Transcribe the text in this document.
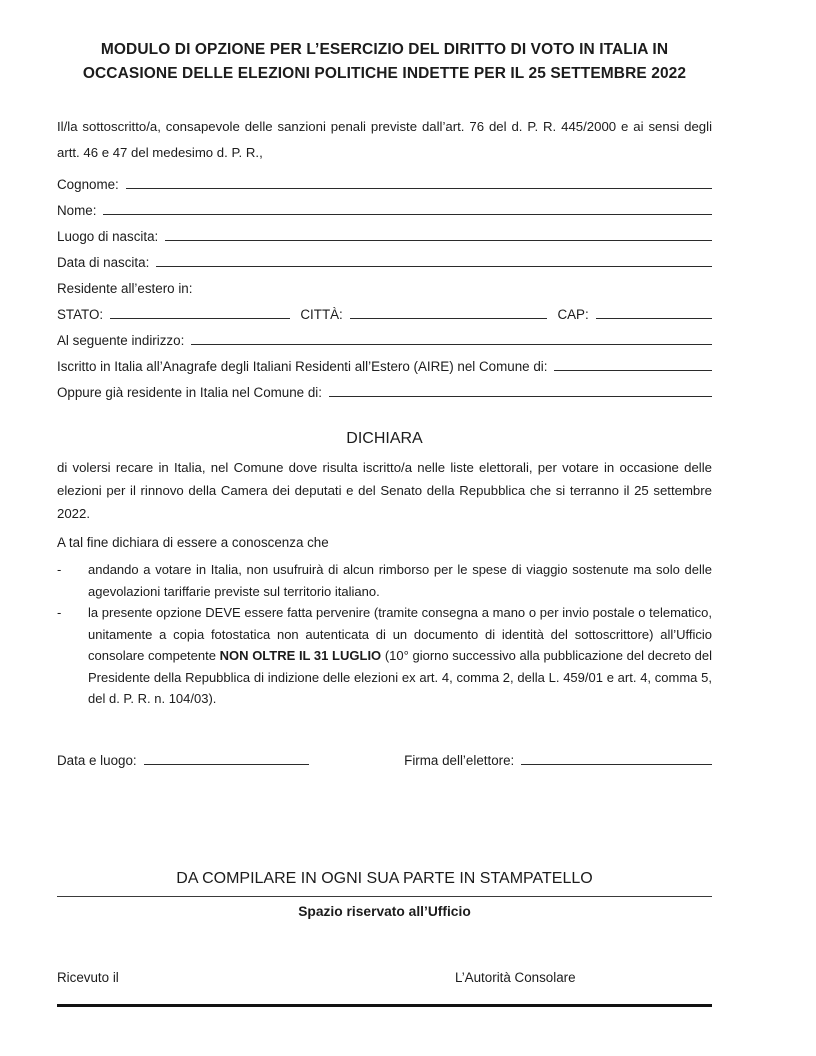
MODULO DI OPZIONE PER L’ESERCIZIO DEL DIRITTO DI VOTO IN ITALIA IN
OCCASIONE DELLE ELEZIONI POLITICHE INDETTE PER IL 25 SETTEMBRE 2022

Il/la sottoscritto/a, consapevole delle sanzioni penali previste dall’art. 76 del d. P. R. 445/2000 e ai sensi degli artt. 46 e 47 del medesimo d. P. R.,

Cognome:
Nome:
Luogo di nascita:
Data di nascita:
Residente all’estero in:
STATO:	CITTÀ:	CAP:
Al seguente indirizzo:
Iscritto in Italia all’Anagrafe degli Italiani Residenti all’Estero (AIRE) nel Comune di:
Oppure già residente in Italia nel Comune di:
DICHIARA

di volersi recare in Italia, nel Comune dove risulta iscritto/a nelle liste elettorali, per votare in occasione delle elezioni per il rinnovo della Camera dei deputati e del Senato della Repubblica che si terranno il 25 settembre 2022.

A tal fine dichiara di essere a conoscenza che

-	andando a votare in Italia, non usufruirà di alcun rimborso per le spese di viaggio sostenute ma solo delle agevolazioni tariffarie previste sul territorio italiano.
-	la presente opzione DEVE essere fatta pervenire (tramite consegna a mano o per invio postale o telematico, unitamente a copia fotostatica non autenticata di un documento di identità del sottoscrittore) all’Ufficio consolare competente NON OLTRE IL 31 LUGLIO (10° giorno successivo alla pubblicazione del decreto del Presidente della Repubblica di indizione delle elezioni ex art. 4, comma 2, della L. 459/01 e art. 4, comma 5, del d. P. R. n. 104/03).
Data e luogo:	Firma dell’elettore:
DA COMPILARE IN OGNI SUA PARTE IN STAMPATELLO
Spazio riservato all’Ufficio
Ricevuto il	L’Autorità Consolare
